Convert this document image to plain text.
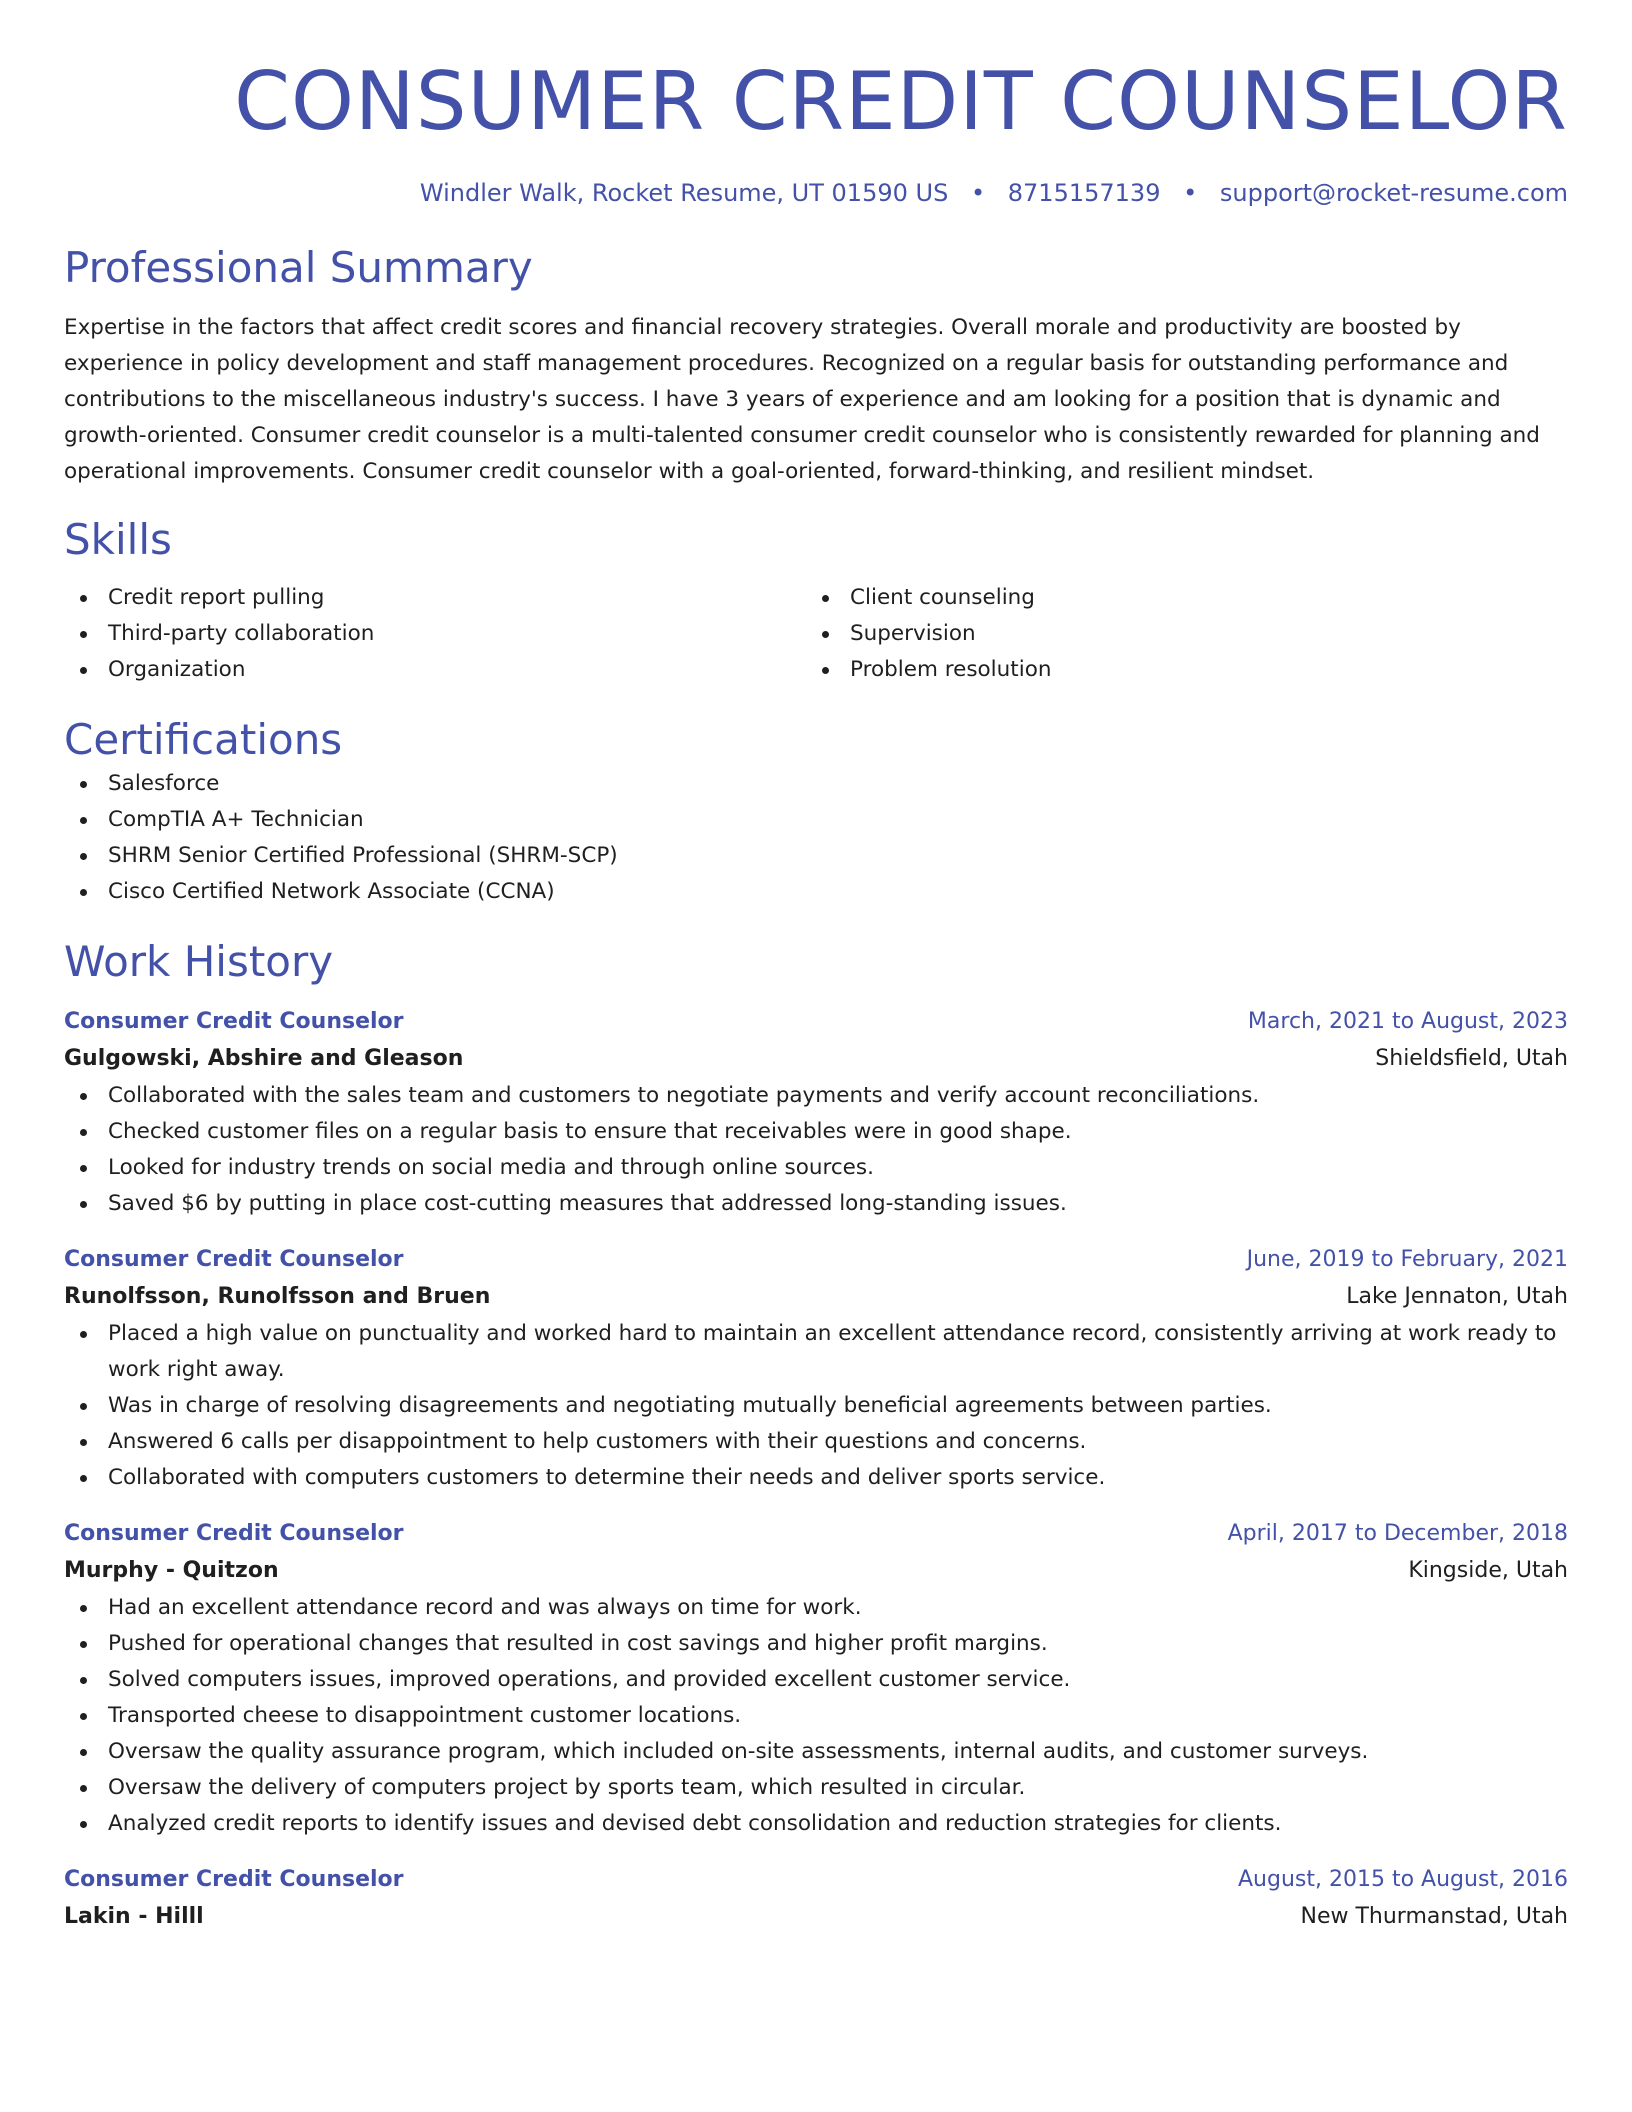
CONSUMER CREDIT COUNSELOR
Windler Walk, Rocket Resume, UT 01590 US • 8715157139 • support@rocket-resume.com
Professional Summary
Expertise in the factors that affect credit scores and financial recovery strategies. Overall morale and productivity are boosted by experience in policy development and staff management procedures. Recognized on a regular basis for outstanding performance and contributions to the miscellaneous industry's success. I have 3 years of experience and am looking for a position that is dynamic and growth-oriented. Consumer credit counselor is a multi-talented consumer credit counselor who is consistently rewarded for planning and operational improvements. Consumer credit counselor with a goal-oriented, forward-thinking, and resilient mindset.
Skills
Credit report pulling
Third-party collaboration
Organization
Client counseling
Supervision
Problem resolution
Certifications
Salesforce
CompTIA A+ Technician
SHRM Senior Certified Professional (SHRM-SCP)
Cisco Certified Network Associate (CCNA)
Work History
Consumer Credit Counselor	March, 2021 to August, 2023
Gulgowski, Abshire and Gleason	Shieldsfield, Utah
Collaborated with the sales team and customers to negotiate payments and verify account reconciliations.
Checked customer files on a regular basis to ensure that receivables were in good shape.
Looked for industry trends on social media and through online sources.
Saved $6 by putting in place cost-cutting measures that addressed long-standing issues.
Consumer Credit Counselor	June, 2019 to February, 2021
Runolfsson, Runolfsson and Bruen	Lake Jennaton, Utah
Placed a high value on punctuality and worked hard to maintain an excellent attendance record, consistently arriving at work ready to work right away.
Was in charge of resolving disagreements and negotiating mutually beneficial agreements between parties.
Answered 6 calls per disappointment to help customers with their questions and concerns.
Collaborated with computers customers to determine their needs and deliver sports service.
Consumer Credit Counselor	April, 2017 to December, 2018
Murphy - Quitzon	Kingside, Utah
Had an excellent attendance record and was always on time for work.
Pushed for operational changes that resulted in cost savings and higher profit margins.
Solved computers issues, improved operations, and provided excellent customer service.
Transported cheese to disappointment customer locations.
Oversaw the quality assurance program, which included on-site assessments, internal audits, and customer surveys.
Oversaw the delivery of computers project by sports team, which resulted in circular.
Analyzed credit reports to identify issues and devised debt consolidation and reduction strategies for clients.
Consumer Credit Counselor	August, 2015 to August, 2016
Lakin - Hilll	New Thurmanstad, Utah
